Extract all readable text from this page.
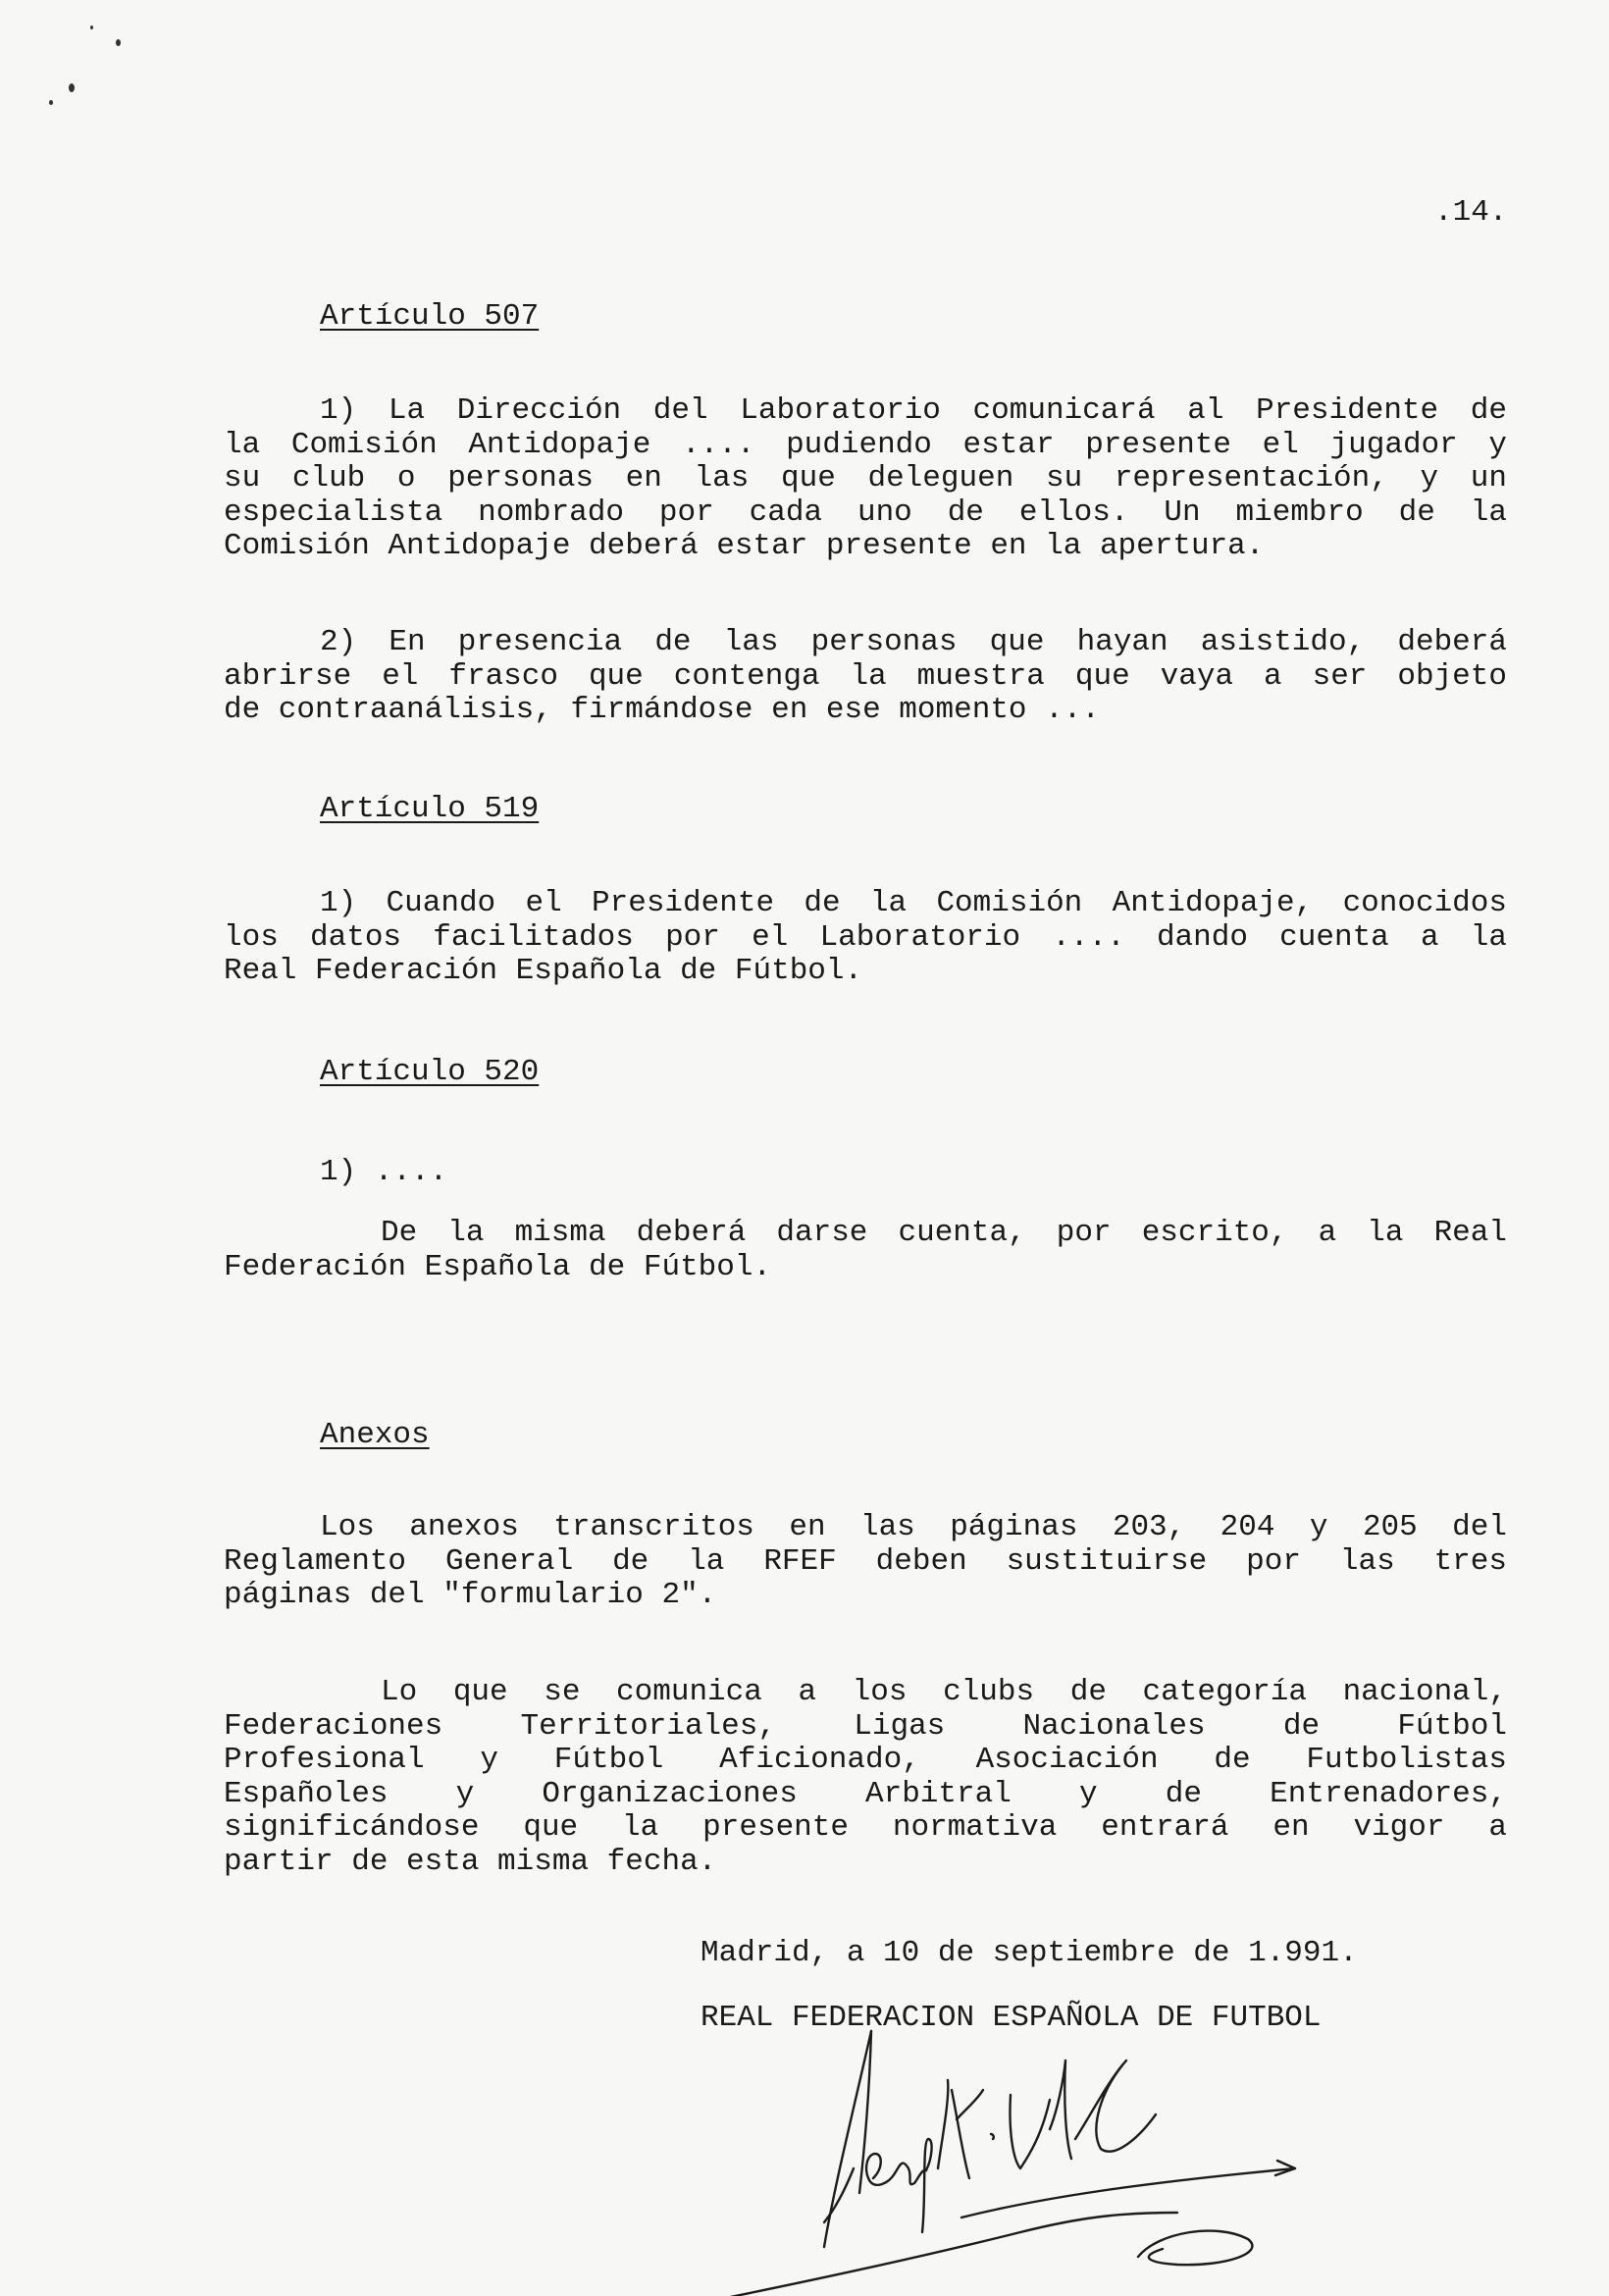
.14.
Artículo 507

1) La Dirección del Laboratorio comunicará al Presidente de

la Comisión Antidopaje .... pudiendo estar presente el jugador y

su club o personas en las que deleguen su representación, y un

especialista nombrado por cada uno de ellos. Un miembro de la

Comisión Antidopaje deberá estar presente en la apertura.

2) En presencia de las personas que hayan asistido, deberá

abrirse el frasco que contenga la muestra que vaya a ser objeto

de contraanálisis, firmándose en ese momento ...

Artículo 519

1) Cuando el Presidente de la Comisión Antidopaje, conocidos

los datos facilitados por el Laboratorio .... dando cuenta a la

Real Federación Española de Fútbol.

Artículo 520
1) ....

De la misma deberá darse cuenta, por escrito, a la Real

Federación Española de Fútbol.

Anexos

Los anexos transcritos en las páginas 203, 204 y 205 del

Reglamento General de la RFEF deben sustituirse por las tres

páginas del "formulario 2".

Lo que se comunica a los clubs de categoría nacional,

Federaciones Territoriales, Ligas Nacionales de Fútbol

Profesional y Fútbol Aficionado, Asociación de Futbolistas

Españoles y Organizaciones Arbitral y de Entrenadores,

significándose que la presente normativa entrará en vigor a

partir de esta misma fecha.

Madrid, a 10 de septiembre de 1.991.
REAL FEDERACION ESPAÑOLA DE FUTBOL
